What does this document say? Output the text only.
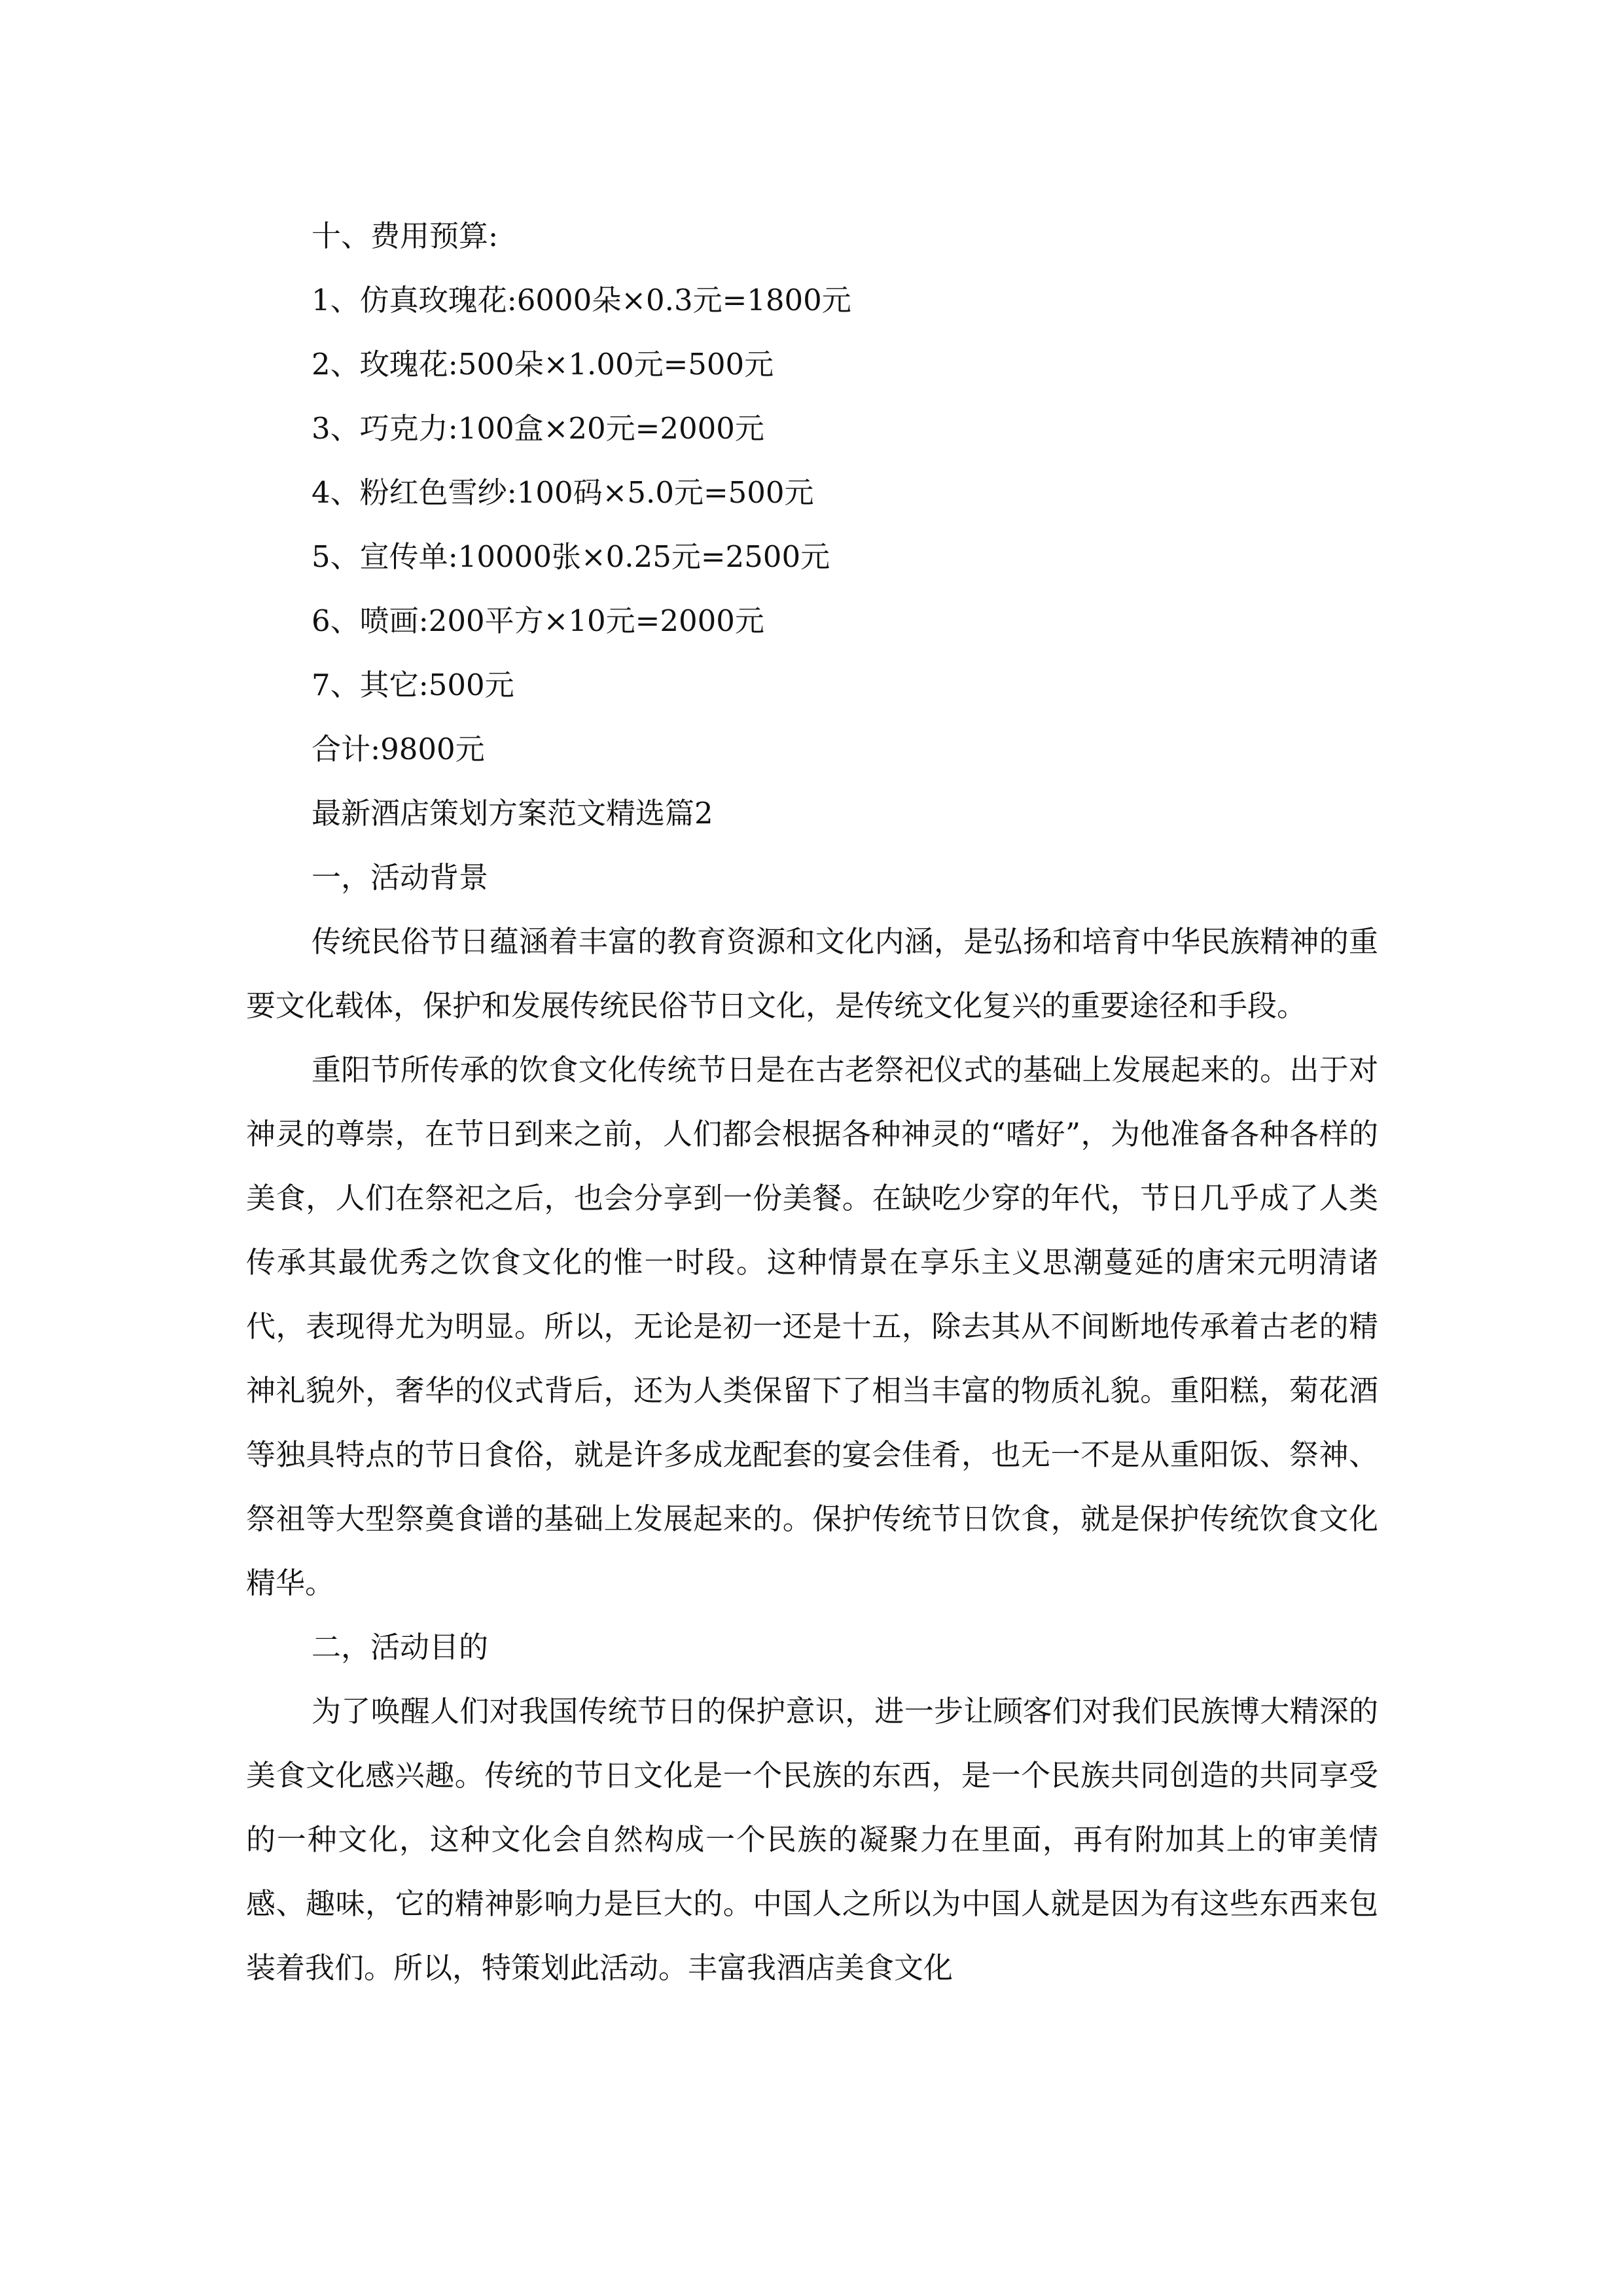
十、费用预算:

1、仿真玫瑰花:6000朵×0.3元=1800元

2、玫瑰花:500朵×1.00元=500元

3、巧克力:100盒×20元=2000元

4、粉红色雪纱:100码×5.0元=500元

5、宣传单:10000张×0.25元=2500元

6、喷画:200平方×10元=2000元

7、其它:500元

合计:9800元

最新酒店策划方案范文精选篇2

一，活动背景

传统民俗节日蕴涵着丰富的教育资源和文化内涵，是弘扬和培育中华民族精神的重要文化载体，保护和发展传统民俗节日文化，是传统文化复兴的重要途径和手段。

重阳节所传承的饮食文化传统节日是在古老祭祀仪式的基础上发展起来的。出于对神灵的尊崇，在节日到来之前，人们都会根据各种神灵的“嗜好”，为他准备各种各样的美食，人们在祭祀之后，也会分享到一份美餐。在缺吃少穿的年代，节日几乎成了人类传承其最优秀之饮食文化的惟一时段。这种情景在享乐主义思潮蔓延的唐宋元明清诸代，表现得尤为明显。所以，无论是初一还是十五，除去其从不间断地传承着古老的精神礼貌外，奢华的仪式背后，还为人类保留下了相当丰富的物质礼貌。重阳糕，菊花酒等独具特点的节日食俗，就是许多成龙配套的宴会佳肴，也无一不是从重阳饭、祭神、祭祖等大型祭奠食谱的基础上发展起来的。保护传统节日饮食，就是保护传统饮食文化精华。

二，活动目的

为了唤醒人们对我国传统节日的保护意识，进一步让顾客们对我们民族博大精深的美食文化感兴趣。传统的节日文化是一个民族的东西，是一个民族共同创造的共同享受的一种文化，这种文化会自然构成一个民族的凝聚力在里面，再有附加其上的审美情感、趣味，它的精神影响力是巨大的。中国人之所以为中国人就是因为有这些东西来包装着我们。所以，特策划此活动。丰富我酒店美食文化
